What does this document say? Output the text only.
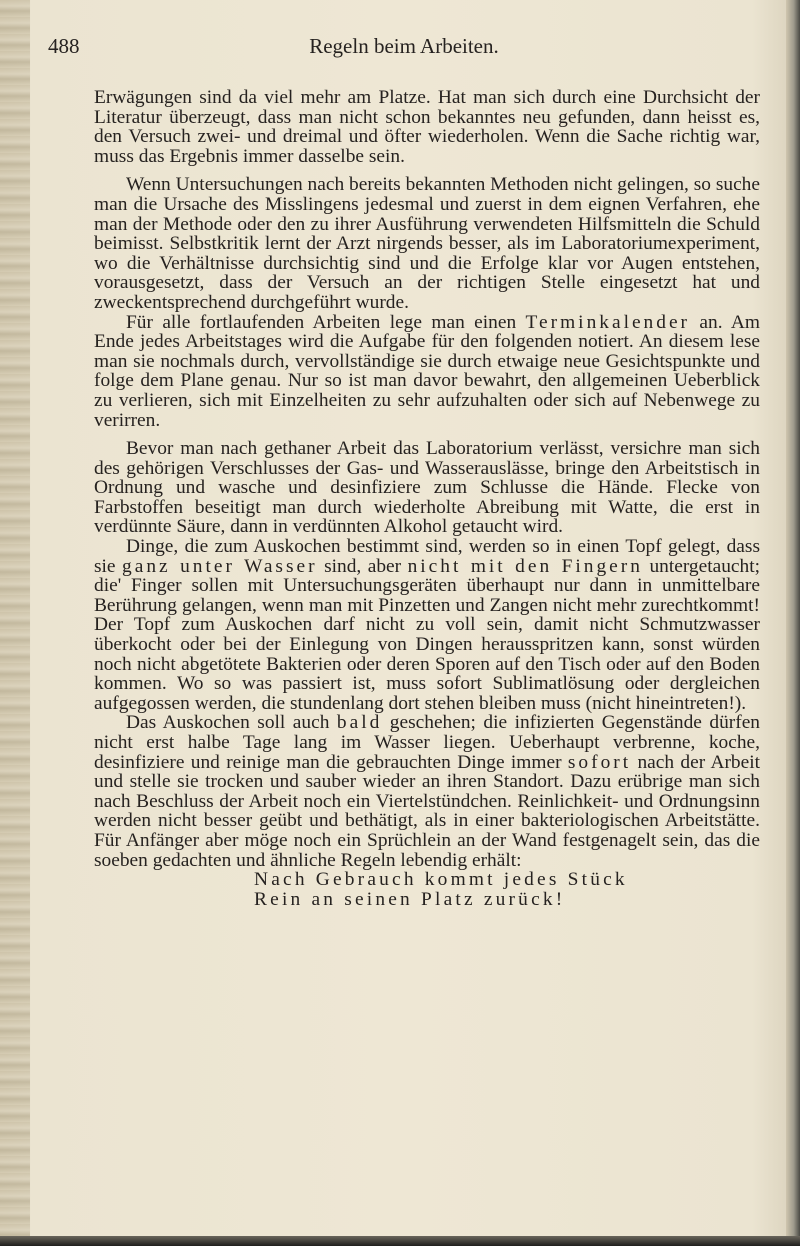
488	Regeln beim Arbeiten.

Erwägungen sind da viel mehr am Platze. Hat man sich durch eine Durchsicht der Literatur überzeugt, dass man nicht schon bekanntes neu gefunden, dann heisst es, den Versuch zwei- und dreimal und öfter wiederholen. Wenn die Sache richtig war, muss das Ergebnis immer dasselbe sein.

Wenn Untersuchungen nach bereits bekannten Methoden nicht gelingen, so suche man die Ursache des Misslingens jedesmal und zuerst in dem eignen Verfahren, ehe man der Methode oder den zu ihrer Ausführung verwendeten Hilfsmitteln die Schuld beimisst. Selbstkritik lernt der Arzt nirgends besser, als im Laboratoriumexperiment, wo die Verhältnisse durchsichtig sind und die Erfolge klar vor Augen entstehen, vorausgesetzt, dass der Versuch an der richtigen Stelle eingesetzt hat und zweckentsprechend durchgeführt wurde.

Für alle fortlaufenden Arbeiten lege man einen Terminkalender an. Am Ende jedes Arbeitstages wird die Aufgabe für den folgenden notiert. An diesem lese man sie nochmals durch, vervollständige sie durch etwaige neue Gesichtspunkte und folge dem Plane genau. Nur so ist man davor bewahrt, den allgemeinen Ueberblick zu verlieren, sich mit Einzelheiten zu sehr aufzuhalten oder sich auf Nebenwege zu verirren.

Bevor man nach gethaner Arbeit das Laboratorium verlässt, versichre man sich des gehörigen Verschlusses der Gas- und Wasserauslässe, bringe den Arbeitstisch in Ordnung und wasche und desinfiziere zum Schlusse die Hände. Flecke von Farbstoffen beseitigt man durch wiederholte Abreibung mit Watte, die erst in verdünnte Säure, dann in verdünnten Alkohol getaucht wird.

Dinge, die zum Auskochen bestimmt sind, werden so in einen Topf gelegt, dass sie ganz unter Wasser sind, aber nicht mit den Fingern untergetaucht; die' Finger sollen mit Untersuchungsgeräten überhaupt nur dann in unmittelbare Berührung gelangen, wenn man mit Pinzetten und Zangen nicht mehr zurechtkommt! Der Topf zum Auskochen darf nicht zu voll sein, damit nicht Schmutzwasser überkocht oder bei der Einlegung von Dingen herausspritzen kann, sonst würden noch nicht abgetötete Bakterien oder deren Sporen auf den Tisch oder auf den Boden kommen. Wo so was passiert ist, muss sofort Sublimatlösung oder dergleichen aufgegossen werden, die stundenlang dort stehen bleiben muss (nicht hineintreten!).

Das Auskochen soll auch bald geschehen; die infizierten Gegenstände dürfen nicht erst halbe Tage lang im Wasser liegen. Ueberhaupt verbrenne, koche, desinfiziere und reinige man die gebrauchten Dinge immer sofort nach der Arbeit und stelle sie trocken und sauber wieder an ihren Standort. Dazu erübrige man sich nach Beschluss der Arbeit noch ein Viertelstündchen. Reinlichkeit- und Ordnungsinn werden nicht besser geübt und bethätigt, als in einer bakteriologischen Arbeitstätte. Für Anfänger aber möge noch ein Sprüchlein an der Wand festgenagelt sein, das die soeben gedachten und ähnliche Regeln lebendig erhält:

Nach Gebrauch kommt jedes Stück
Rein an seinen Platz zurück!
